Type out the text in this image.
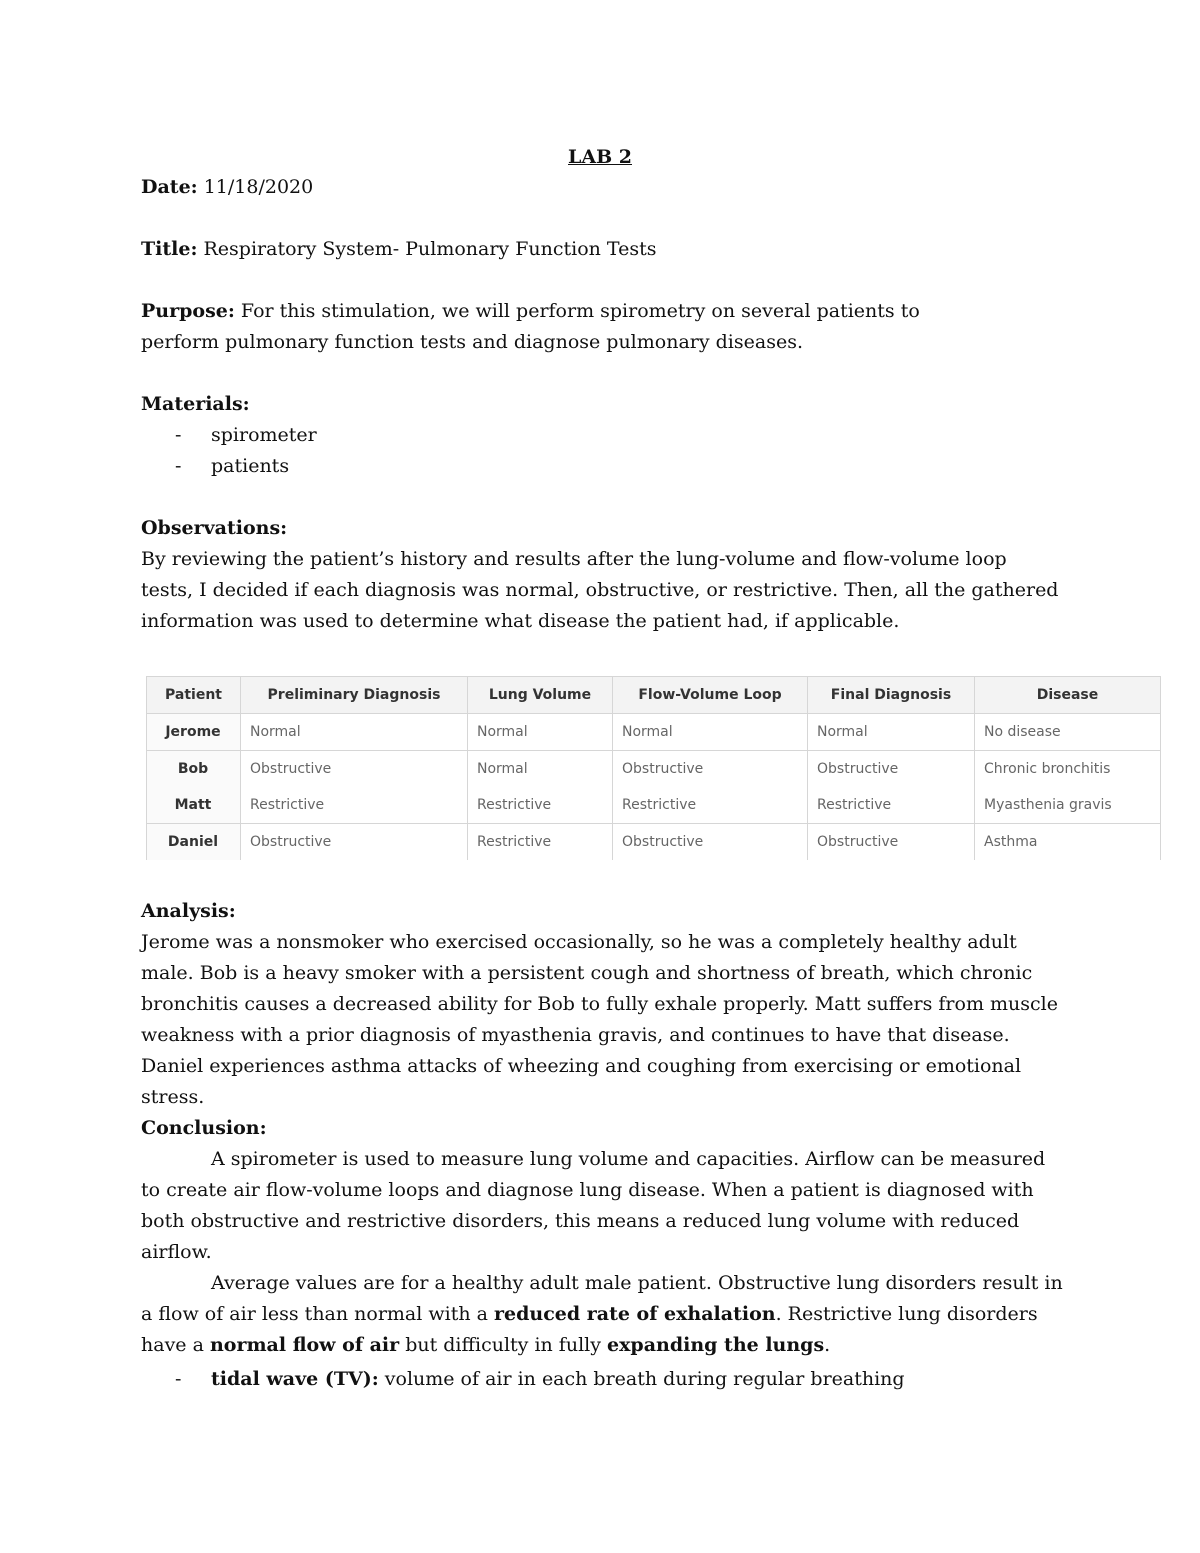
LAB 2
Date: 11/18/2020
Title: Respiratory System- Pulmonary Function Tests
Purpose: For this stimulation, we will perform spirometry on several patients to perform pulmonary function tests and diagnose pulmonary diseases.
Materials:
- spirometer
- patients
Observations:
By reviewing the patient’s history and results after the lung-volume and flow-volume loop tests, I decided if each diagnosis was normal, obstructive, or restrictive. Then, all the gathered information was used to determine what disease the patient had, if applicable.
Patient	Preliminary Diagnosis	Lung Volume	Flow-Volume Loop	Final Diagnosis	Disease
Jerome	Normal	Normal	Normal	Normal	No disease
Bob	Obstructive	Normal	Obstructive	Obstructive	Chronic bronchitis
Matt	Restrictive	Restrictive	Restrictive	Restrictive	Myasthenia gravis
Daniel	Obstructive	Restrictive	Obstructive	Obstructive	Asthma
Analysis:
Jerome was a nonsmoker who exercised occasionally, so he was a completely healthy adult male. Bob is a heavy smoker with a persistent cough and shortness of breath, which chronic bronchitis causes a decreased ability for Bob to fully exhale properly. Matt suffers from muscle weakness with a prior diagnosis of myasthenia gravis, and continues to have that disease. Daniel experiences asthma attacks of wheezing and coughing from exercising or emotional stress.
Conclusion:
A spirometer is used to measure lung volume and capacities. Airflow can be measured to create air flow-volume loops and diagnose lung disease. When a patient is diagnosed with both obstructive and restrictive disorders, this means a reduced lung volume with reduced airflow.
Average values are for a healthy adult male patient. Obstructive lung disorders result in a flow of air less than normal with a reduced rate of exhalation. Restrictive lung disorders have a normal flow of air but difficulty in fully expanding the lungs.
- tidal wave (TV): volume of air in each breath during regular breathing
